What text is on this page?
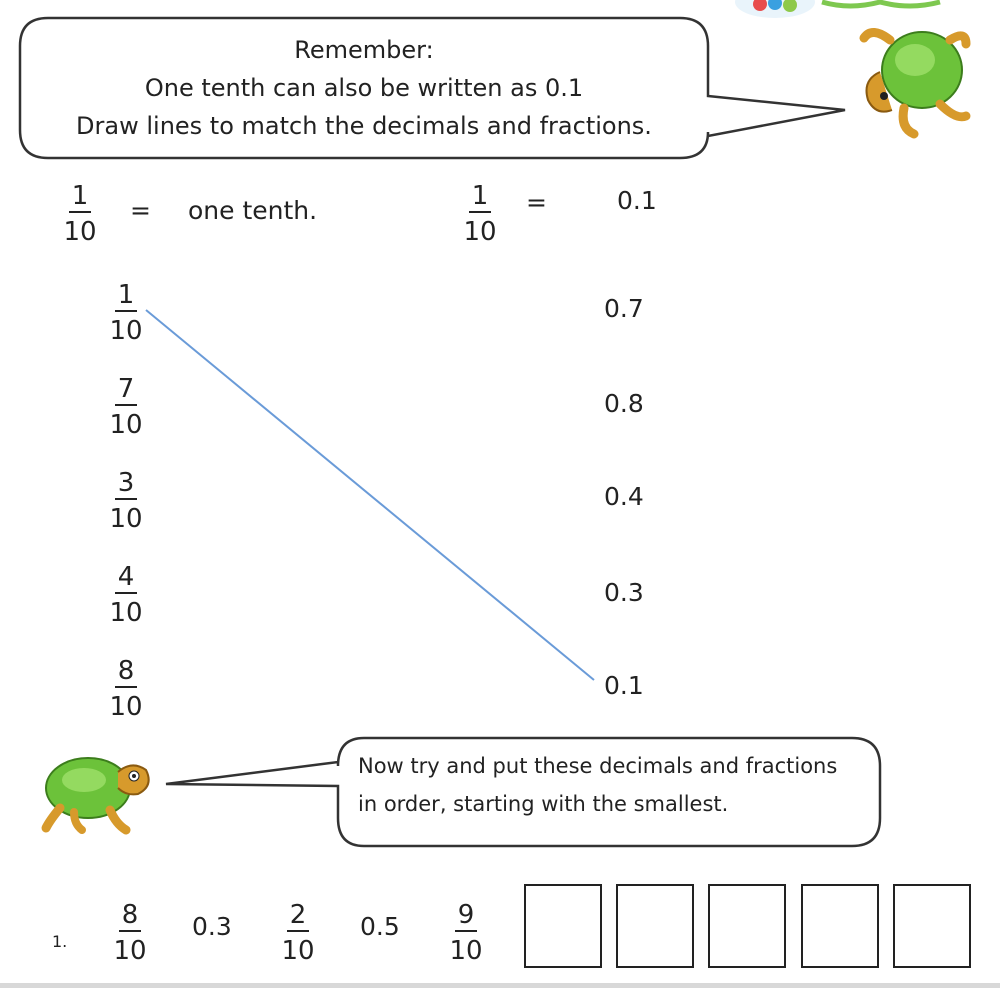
Remember:
One tenth can also be written as 0.1
Draw lines to match the decimals and fractions.
$\frac{1}{10}$ = one tenth.	$\frac{1}{10}$ =	0.1
$\frac{1}{10}$
$\frac{7}{10}$
$\frac{3}{10}$
$\frac{4}{10}$
$\frac{8}{10}$
0.7
0.8
0.4
0.3
0.1
Now try and put these decimals and fractions
in order, starting with the smallest.
1. $\frac{8}{10} 0.3 \frac{2}{10} 0.5 \frac{9}{10}$
